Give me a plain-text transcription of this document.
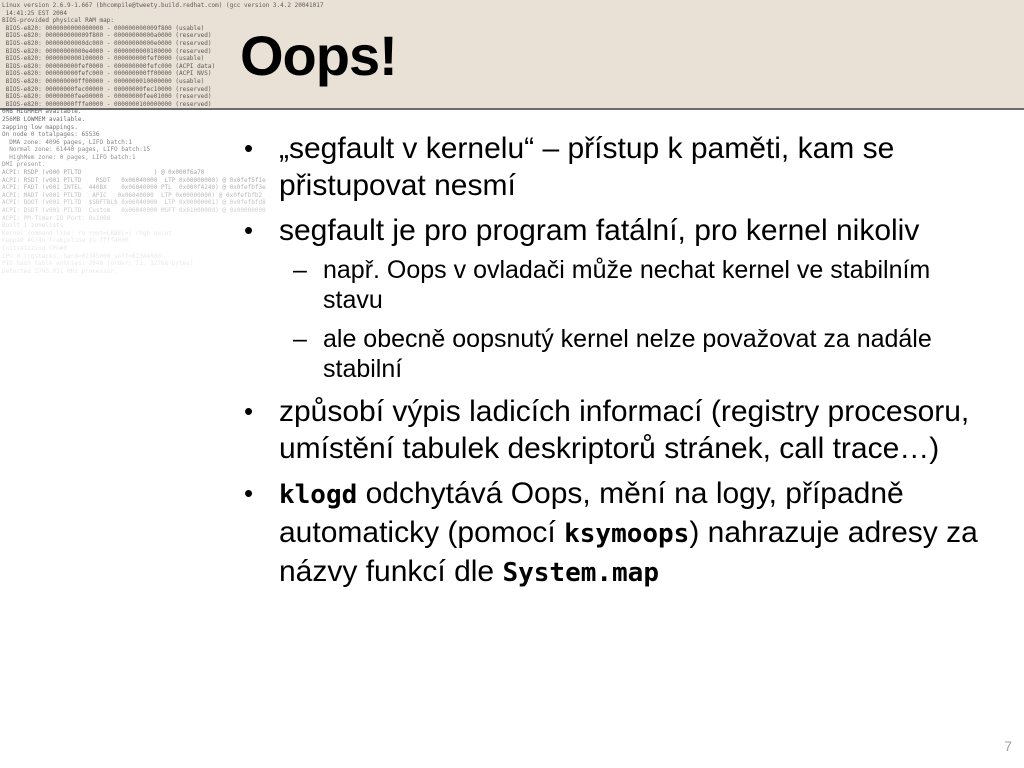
Linux version 2.6.9-1.667 (bhcompile@tweety.build.redhat.com) (gcc version 3.4.2 20041017
14:41:25 EST 2004
BIOS-provided physical RAM map:
BIOS-e820: 0000000000000000 - 000000000009f800 (usable)
BIOS-e820: 000000000009f800 - 00000000000a0000 (reserved)
BIOS-e820: 00000000000dc000 - 00000000000e0000 (reserved)
BIOS-e820: 00000000000e4000 - 0000000000100000 (reserved)
BIOS-e820: 0000000000100000 - 000000000fef0000 (usable)
BIOS-e820: 000000000fef0000 - 000000000fefc000 (ACPI data)
BIOS-e820: 000000000fefc000 - 000000000ff00000 (ACPI NVS)
BIOS-e820: 000000000ff00000 - 0000000010000000 (usable)
BIOS-e820: 00000000fec00000 - 00000000fec10000 (reserved)
BIOS-e820: 00000000fee00000 - 00000000fee01000 (reserved)
BIOS-e820: 00000000fffe0000 - 0000000100000000 (reserved)
0MB HIGHMEM available.
256MB LOWMEM available.
zapping low mappings.
On node 0 totalpages: 65536
DMA zone: 4096 pages, LIFO batch:1
Normal zone: 61440 pages, LIFO batch:15
HighMem zone: 0 pages, LIFO batch:1
DMI present.
ACPI: RSDP (v000 PTLTD                    ) @ 0x000f6a70
ACPI: RSDT (v001 PTLTD    RSDT   0x06040000  LTP 0x00000000) @ 0x0fef5f1e
ACPI: FADT (v001 INTEL  440BX    0x06040000 PTL  0x000f4240) @ 0x0fefbf3e
ACPI: MADT (v001 PTLTD   APIC   0x06040000  LTP 0x00000000) @ 0x0fefbfb2
ACPI: BOOT (v001 PTLTD  $SBFTBL$ 0x06040000  LTP 0x00000001) @ 0x0fefbfd8
ACPI: DSDT (v001 PTLTD  Custom   0x06040000 MSFT 0x0100000d) @ 0x00000000
ACPI: PM-Timer IO Port: 0x1008
Built 1 zonelists
Kernel command line: ro root=LABEL=/ rhgb quiet
mapped 4G/4G trampoline to ffff4000.
Initializing CPU#0
CPU 0 irqstacks, hard=02345000 soft=02344000
PID hash table entries: 2048 (order: 11, 32768 bytes)
Detected 2793.031 MHz processor.
Oops!
• „segfault v kernelu“ – přístup k paměti, kam se přistupovat nesmí
• segfault je pro program fatální, pro kernel nikoliv
– např. Oops v ovladači může nechat kernel ve stabilním stavu
– ale obecně oopsnutý kernel nelze považovat za nadále stabilní
• způsobí výpis ladicích informací (registry procesoru, umístění tabulek deskriptorů stránek, call trace…)
• klogd odchytává Oops, mění na logy, případně automaticky (pomocí ksymoops) nahrazuje adresy za názvy funkcí dle System.map
7
